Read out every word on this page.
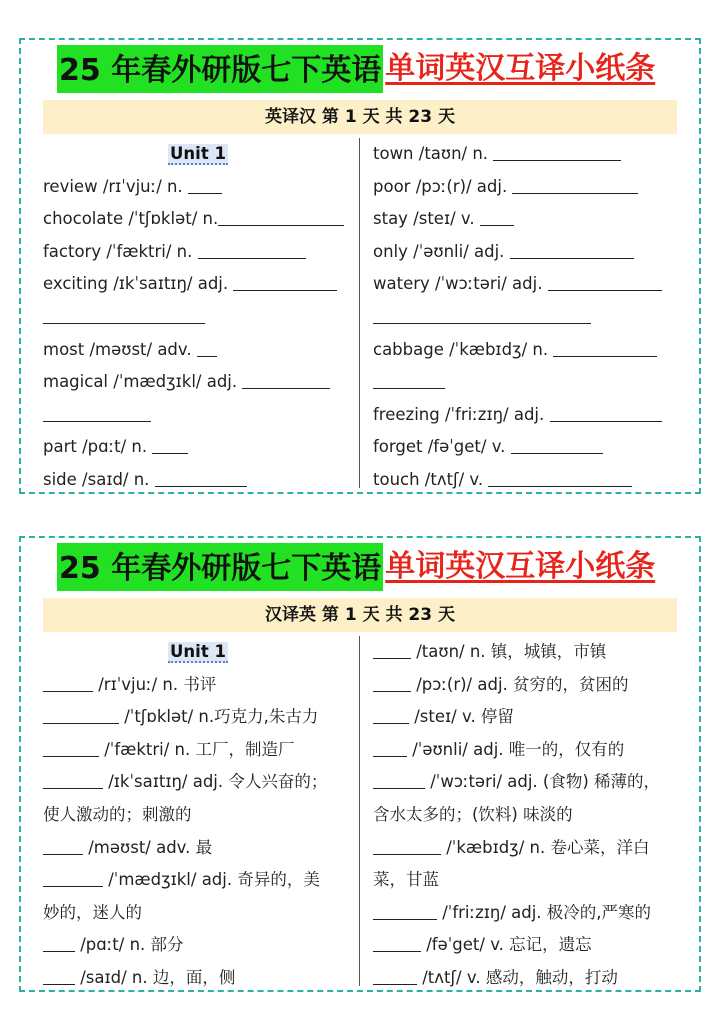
25 年春外研版七下英语 单词英汉互译小纸条
英译汉 第 1 天 共 23 天
Unit 1
review /rɪˈvjuː/ n.
chocolate /ˈtʃɒklət/ n.
factory /ˈfæktri/ n.
exciting /ɪkˈsaɪtɪŋ/ adj.
most /məʊst/ adv.
magical /ˈmædʒɪkl/ adj.
part /pɑːt/ n.
side /saɪd/ n.
town /taʊn/ n.
poor /pɔː(r)/ adj.
stay /steɪ/ v.
only /ˈəʊnli/ adj.
watery /ˈwɔːtəri/ adj.
cabbage /ˈkæbɪdʒ/ n.
freezing /ˈfriːzɪŋ/ adj.
forget /fəˈget/ v.
touch /tʌtʃ/ v.
25 年春外研版七下英语 单词英汉互译小纸条
汉译英 第 1 天 共 23 天
Unit 1
/rɪˈvjuː/ n. 书评
/ˈtʃɒklət/ n.巧克力,朱古力
/ˈfæktri/ n. 工厂，制造厂
/ɪkˈsaɪtɪŋ/ adj. 令人兴奋的；
使人激动的；刺激的
/məʊst/ adv. 最
/ˈmædʒɪkl/ adj. 奇异的，美
妙的，迷人的
/pɑːt/ n. 部分
/saɪd/ n. 边，面，侧
/taʊn/ n. 镇，城镇，市镇
/pɔː(r)/ adj. 贫穷的，贫困的
/steɪ/ v. 停留
/ˈəʊnli/ adj. 唯一的，仅有的
/ˈwɔːtəri/ adj. (食物) 稀薄的，
含水太多的；(饮料) 味淡的
/ˈkæbɪdʒ/ n. 卷心菜，洋白
菜，甘蓝
/ˈfriːzɪŋ/ adj. 极冷的,严寒的
/fəˈget/ v. 忘记，遗忘
/tʌtʃ/ v. 感动，触动，打动
